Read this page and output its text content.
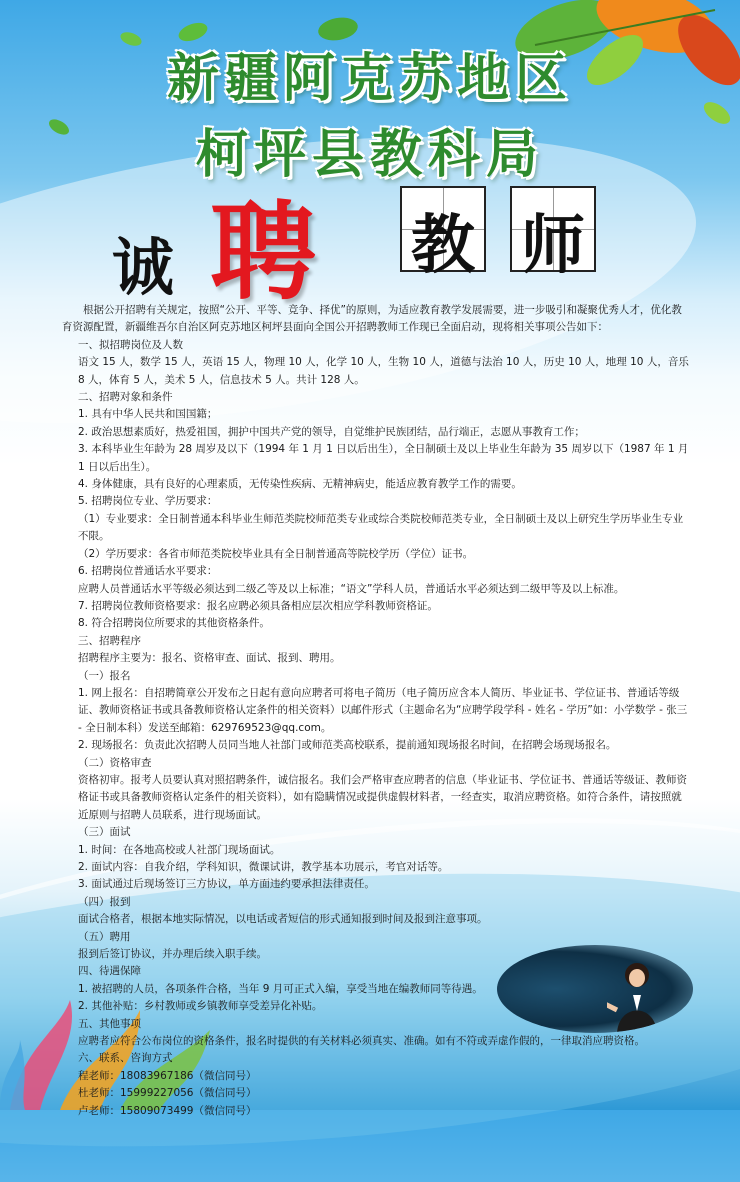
新疆阿克苏地区
柯坪县教科局
诚 聘 教 师

根据公开招聘有关规定，按照“公开、平等、竞争、择优”的原则，为适应教育教学发展需要，进一步吸引和凝聚优秀人才，优化教育资源配置，新疆维吾尔自治区阿克苏地区柯坪县面向全国公开招聘教师工作现已全面启动，现将相关事项公告如下：

一、拟招聘岗位及人数

语文 15 人，数学 15 人，英语 15 人，物理 10 人，化学 10 人，生物 10 人，道德与法治 10 人，历史 10 人，地理 10 人，音乐 8 人，体育 5 人，美术 5 人，信息技术 5 人。共计 128 人。

二、招聘对象和条件

1. 具有中华人民共和国国籍；

2. 政治思想素质好，热爱祖国，拥护中国共产党的领导，自觉维护民族团结，品行端正，志愿从事教育工作；

3. 本科毕业生年龄为 28 周岁及以下（1994 年 1 月 1 日以后出生），全日制硕士及以上毕业生年龄为 35 周岁以下（1987 年 1 月 1 日以后出生）。

4. 身体健康，具有良好的心理素质，无传染性疾病、无精神病史，能适应教育教学工作的需要。

5. 招聘岗位专业、学历要求：

（1）专业要求：全日制普通本科毕业生师范类院校师范类专业或综合类院校师范类专业，全日制硕士及以上研究生学历毕业生专业不限。

（2）学历要求：各省市师范类院校毕业具有全日制普通高等院校学历（学位）证书。

6. 招聘岗位普通话水平要求：

应聘人员普通话水平等级必须达到二级乙等及以上标准；“语文”学科人员，普通话水平必须达到二级甲等及以上标准。

7. 招聘岗位教师资格要求：报名应聘必须具备相应层次相应学科教师资格证。

8. 符合招聘岗位所要求的其他资格条件。

三、招聘程序

招聘程序主要为：报名、资格审查、面试、报到、聘用。

（一）报名

1. 网上报名：自招聘简章公开发布之日起有意向应聘者可将电子简历（电子简历应含本人简历、毕业证书、学位证书、普通话等级证、教师资格证书或具备教师资格认定条件的相关资料）以邮件形式（主题命名为“应聘学段学科 - 姓名 - 学历”如：小学数学 - 张三 - 全日制本科）发送至邮箱：629769523@qq.com。

2. 现场报名：负责此次招聘人员同当地人社部门或师范类高校联系，提前通知现场报名时间，在招聘会场现场报名。

（二）资格审查

资格初审。报考人员要认真对照招聘条件，诚信报名。我们会严格审查应聘者的信息（毕业证书、学位证书、普通话等级证、教师资格证书或具备教师资格认定条件的相关资料），如有隐瞒情况或提供虚假材料者，一经查实，取消应聘资格。如符合条件，请按照就近原则与招聘人员联系，进行现场面试。

（三）面试

1. 时间：在各地高校或人社部门现场面试。

2. 面试内容：自我介绍，学科知识，微课试讲，教学基本功展示，考官对话等。

3. 面试通过后现场签订三方协议，单方面违约要承担法律责任。

（四）报到

面试合格者，根据本地实际情况，以电话或者短信的形式通知报到时间及报到注意事项。

（五）聘用

报到后签订协议，并办理后续入职手续。

四、待遇保障

1. 被招聘的人员，各项条件合格，当年 9 月可正式入编，享受当地在编教师同等待遇。

2. 其他补贴：乡村教师或乡镇教师享受差异化补贴。

五、其他事项

应聘者应符合公布岗位的资格条件，报名时提供的有关材料必须真实、准确。如有不符或弄虚作假的，一律取消应聘资格。

六、联系、咨询方式

程老师：18083967186（微信同号）

杜老师：15999227056（微信同号）

卢老师：15809073499（微信同号）
